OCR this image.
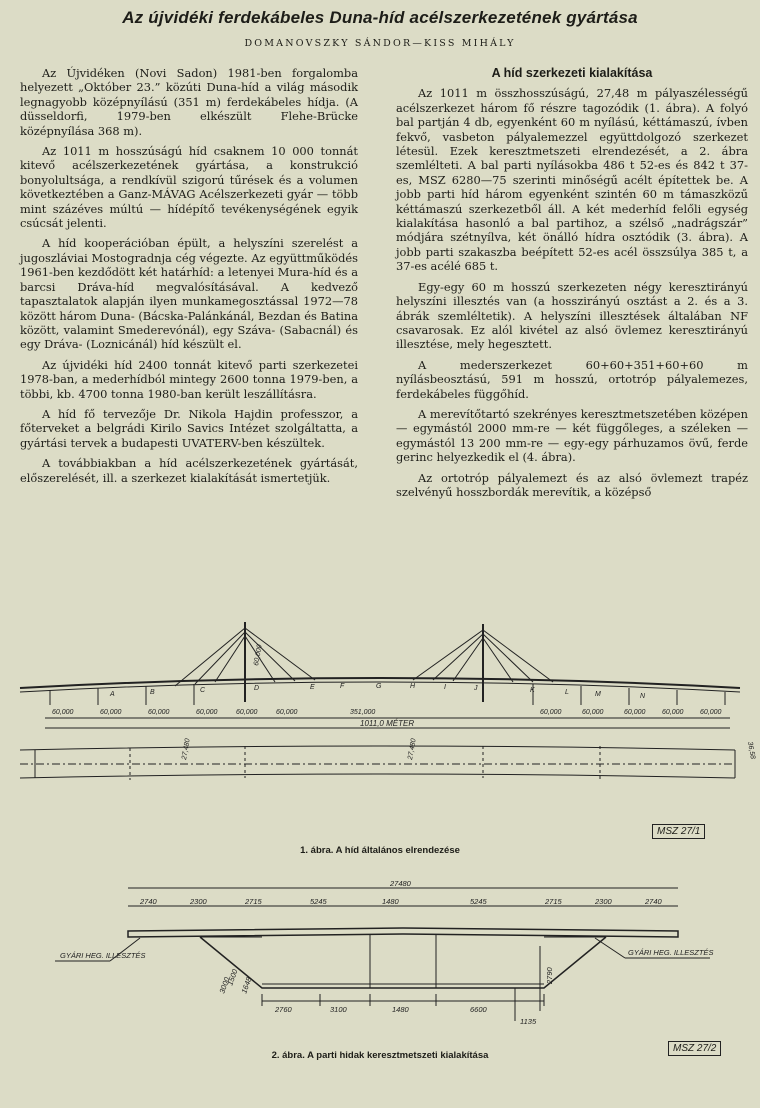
Az újvidéki ferdekábeles Duna-híd acélszerkezetének gyártása
DOMANOVSZKY SÁNDOR—KISS MIHÁLY

Az Újvidéken (Novi Sadon) 1981-ben forgalomba helyezett „Október 23.” közúti Duna-híd a világ második legnagyobb középnyílású (351 m) ferdekábeles hídja. (A düsseldorfi, 1979-ben elkészült Flehe-Brücke középnyílása 368 m).

Az 1011 m hosszúságú híd csaknem 10 000 tonnát kitevő acélszerkezetének gyártása, a konstrukció bonyolultsága, a rendkívül szigorú tűrések és a volumen következtében a Ganz-MÁVAG Acélszerkezeti gyár — több mint százéves múltú — hídépítő tevékenységének egyik csúcsát jelenti.

A híd kooperációban épült, a helyszíni szerelést a jugoszláviai Mostogradnja cég végezte. Az együttműködés 1961-ben kezdődött két határhíd: a letenyei Mura-híd és a barcsi Dráva-híd megvalósításával. A kedvező tapasztalatok alapján ilyen munkamegosztással 1972—78 között három Duna- (Bácska-Palánkánál, Bezdan és Batina között, valamint Smederevónál), egy Száva- (Sabacnál) és egy Dráva- (Loznicánál) híd készült el.

Az újvidéki híd 2400 tonnát kitevő parti szerkezetei 1978-ban, a mederhídból mintegy 2600 tonna 1979-ben, a többi, kb. 4700 tonna 1980-ban került leszállításra.

A híd fő tervezője Dr. Nikola Hajdin professzor, a főterveket a belgrádi Kirilo Savics Intézet szolgáltatta, a gyártási tervek a budapesti UVATERV-ben készültek.

A továbbiakban a híd acélszerkezetének gyártását, előszerelését, ill. a szerkezet kialakítását ismertetjük.

A híd szerkezeti kialakítása

Az 1011 m összhosszúságú, 27,48 m pályaszélességű acélszerkezet három fő részre tagozódik (1. ábra). A folyó bal partján 4 db, egyenként 60 m nyílású, kéttámaszú, ívben fekvő, vasbeton pályalemezzel együttdolgozó szerkezet létesül. Ezek keresztmetszeti elrendezését, a 2. ábra szemlélteti. A bal parti nyílásokba 486 t 52-es és 842 t 37-es, MSZ 6280—75 szerinti minőségű acélt építettek be. A jobb parti híd három egyenként szintén 60 m támaszközű kéttámaszú szerkezetből áll. A két mederhíd felőli egység kialakítása hasonló a bal partihoz, a szélső „nadrágszár” módjára szétnyílva, két önálló hídra osztódik (3. ábra). A jobb parti szakaszba beépített 52-es acél összsúlya 385 t, a 37-es acélé 685 t.

Egy-egy 60 m hosszú szerkezeten négy keresztirányú helyszíni illesztés van (a hosszirányú osztást a 2. és a 3. ábrák szemléltetik). A helyszíni illesztések általában NF csavarosak. Ez alól kivétel az alsó övlemez keresztirányú illesztése, mely hegesztett.

A mederszerkezet 60+60+351+60+60 m nyílásbeosztású, 591 m hosszú, ortotróp pályalemezes, ferdekábeles függőhíd.

A merevítőtartó szekrényes keresztmetszetében középen — egymástól 2000 mm-re — két függőleges, a széleken — egymástól 13 200 mm-re — egy-egy párhuzamos övű, ferde gerinc helyezkedik el (4. ábra).

Az ortotróp pályalemezt és az alsó övlemezt trapéz szelvényű hosszbordák merevítik, a középső

60,000	60,000	60,000	60,000	60,000	60,000	351,000	60,000	60,000	60,000 60,000 60,000
1011,0 MÉTER
60,000
A	B	C	D	E	F	G	H	I	J	K	L	M	N
27,480	27,480	36,58
MSZ 27/1
1. ábra. A híd általános elrendezése
27480
2740	2300	2715	5245	1480	5245	2715	2300	2740
2760	3100	1480	6600
1500
3000 1648
2790
1135
GYÁRI HEG. ILLESZTÉS	GYÁRI HEG. ILLESZTÉS
MSZ 27/2
2. ábra. A parti hidak keresztmetszeti kialakítása
